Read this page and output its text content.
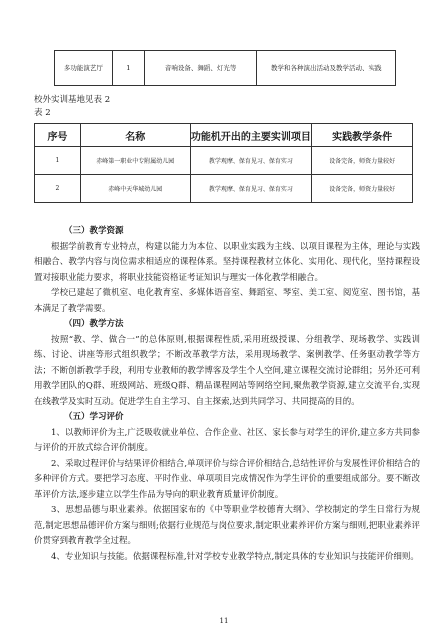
多功能演艺厅	1	音响设备、舞蹈、灯光等	教学和各种演出活动及教学活动、实践
校外实训基地见表 2
表 2
序号	名称	功能机开出的主要实训项目	实践教学条件
1	赤峰第一职业中专附属幼儿园	教学观摩、保育见习、保育实习	设备完备，师资力量较好
2	赤峰中天华城幼儿园	教学观摩、保育见习、保育实习	设备完备，师资力量较好

（三）教学资源

根据学前教育专业特点，构建以能力为本位、以职业实践为主线、以项目课程为主体，理论与实践相融合、教学内容与岗位需求相适应的课程体系。坚持课程教材立体化、实用化、现代化，坚持课程设置对接职业能力要求，将职业技能资格证考证知识与理实一体化教学相融合。

学校已建起了微机室、电化教育室、多媒体语音室、舞蹈室、琴室、美工室、阅览室、图书馆，基本满足了教学需要。

（四）教学方法

按照“教、学、做合一”的总体原则,根据课程性质,采用班级授课、分组教学、现场教学、实践训练、讨论、讲座等形式组织教学；不断改革教学方法，采用现场教学、案例教学、任务驱动教学等方法；不断创新教学手段，利用专业教师的教学博客及学生个人空间,建立课程交流讨论群组；另外还可利用教学团队的Q群、班级网站、班级Q群、精品课程网站等网络空间,聚焦教学资源,建立交流平台,实现在线教学及实时互动。促进学生自主学习、自主探索,达到共同学习、共同提高的目的。

（五）学习评价

1、以教师评价为主,广泛吸收就业单位、合作企业、社区、家长参与对学生的评价,建立多方共同参与评价的开放式综合评价制度。

2、采取过程评价与结果评价相结合,单项评价与综合评价相结合,总结性评价与发展性评价相结合的多种评价方式。要把学习态度、平时作业、单项项目完成情况作为学生评价的重要组成部分。要不断改革评价方法,逐步建立以学生作品为导向的职业教育质量评价制度。

3、思想品德与职业素养。依据国家布的《中等职业学校德育大纲》、学校制定的学生日常行为规范,制定思想品德评价方案与细则;依据行业规范与岗位要求,制定职业素养评价方案与细则,把职业素养评价贯穿到教育教学全过程。

4、专业知识与技能。依据课程标准,针对学校专业教学特点,制定具体的专业知识与技能评价细则。

11
